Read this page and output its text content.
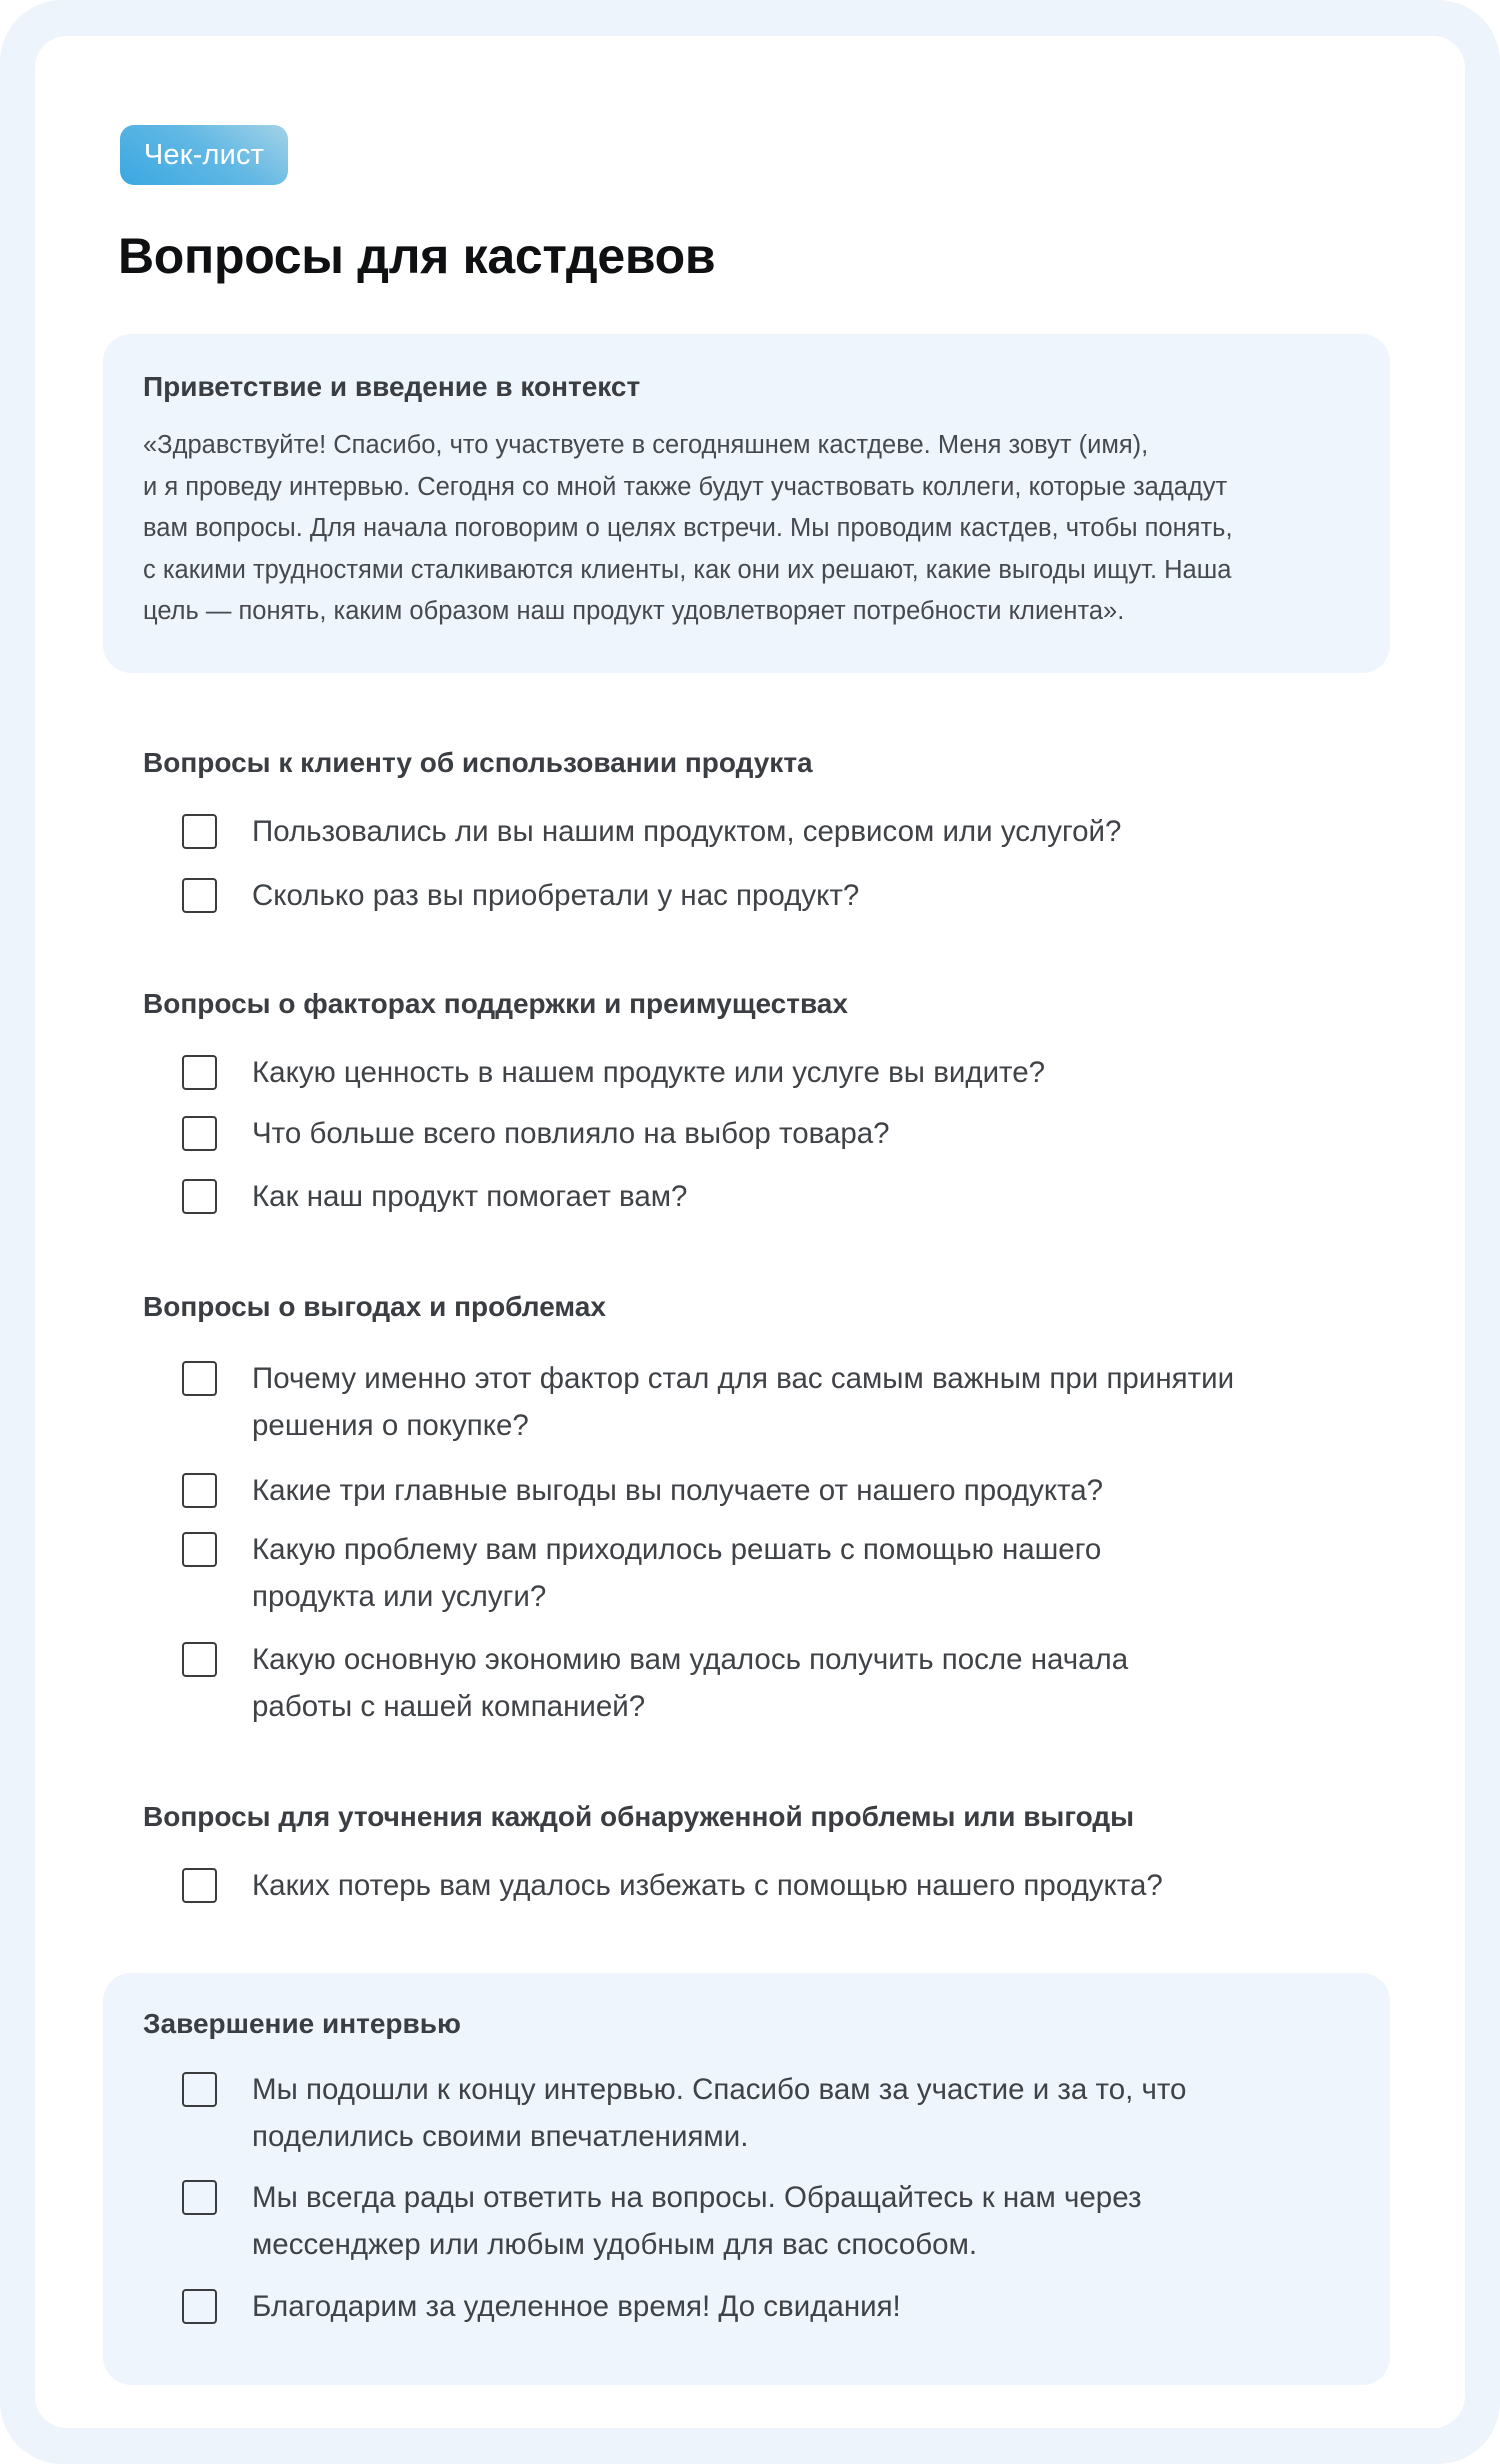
Чек-лист
Вопросы для кастдевов
Приветствие и введение в контекст
«Здравствуйте! Спасибо, что участвуете в сегодняшнем кастдеве. Меня зовут (имя),
и я проведу интервью. Сегодня со мной также будут участвовать коллеги, которые зададут
вам вопросы. Для начала поговорим о целях встречи. Мы проводим кастдев, чтобы понять,
с какими трудностями сталкиваются клиенты, как они их решают, какие выгоды ищут. Наша
цель — понять, каким образом наш продукт удовлетворяет потребности клиента».
Вопросы к клиенту об использовании продукта
Пользовались ли вы нашим продуктом, сервисом или услугой?
Сколько раз вы приобретали у нас продукт?
Вопросы о факторах поддержки и преимуществах
Какую ценность в нашем продукте или услуге вы видите?
Что больше всего повлияло на выбор товара?
Как наш продукт помогает вам?
Вопросы о выгодах и проблемах
Почему именно этот фактор стал для вас самым важным при принятии
решения о покупке?
Какие три главные выгоды вы получаете от нашего продукта?
Какую проблему вам приходилось решать с помощью нашего
продукта или услуги?
Какую основную экономию вам удалось получить после начала
работы с нашей компанией?
Вопросы для уточнения каждой обнаруженной проблемы или выгоды
Каких потерь вам удалось избежать с помощью нашего продукта?
Завершение интервью
Мы подошли к концу интервью. Спасибо вам за участие и за то, что
поделились своими впечатлениями.
Мы всегда рады ответить на вопросы. Обращайтесь к нам через
мессенджер или любым удобным для вас способом.
Благодарим за уделенное время! До свидания!
